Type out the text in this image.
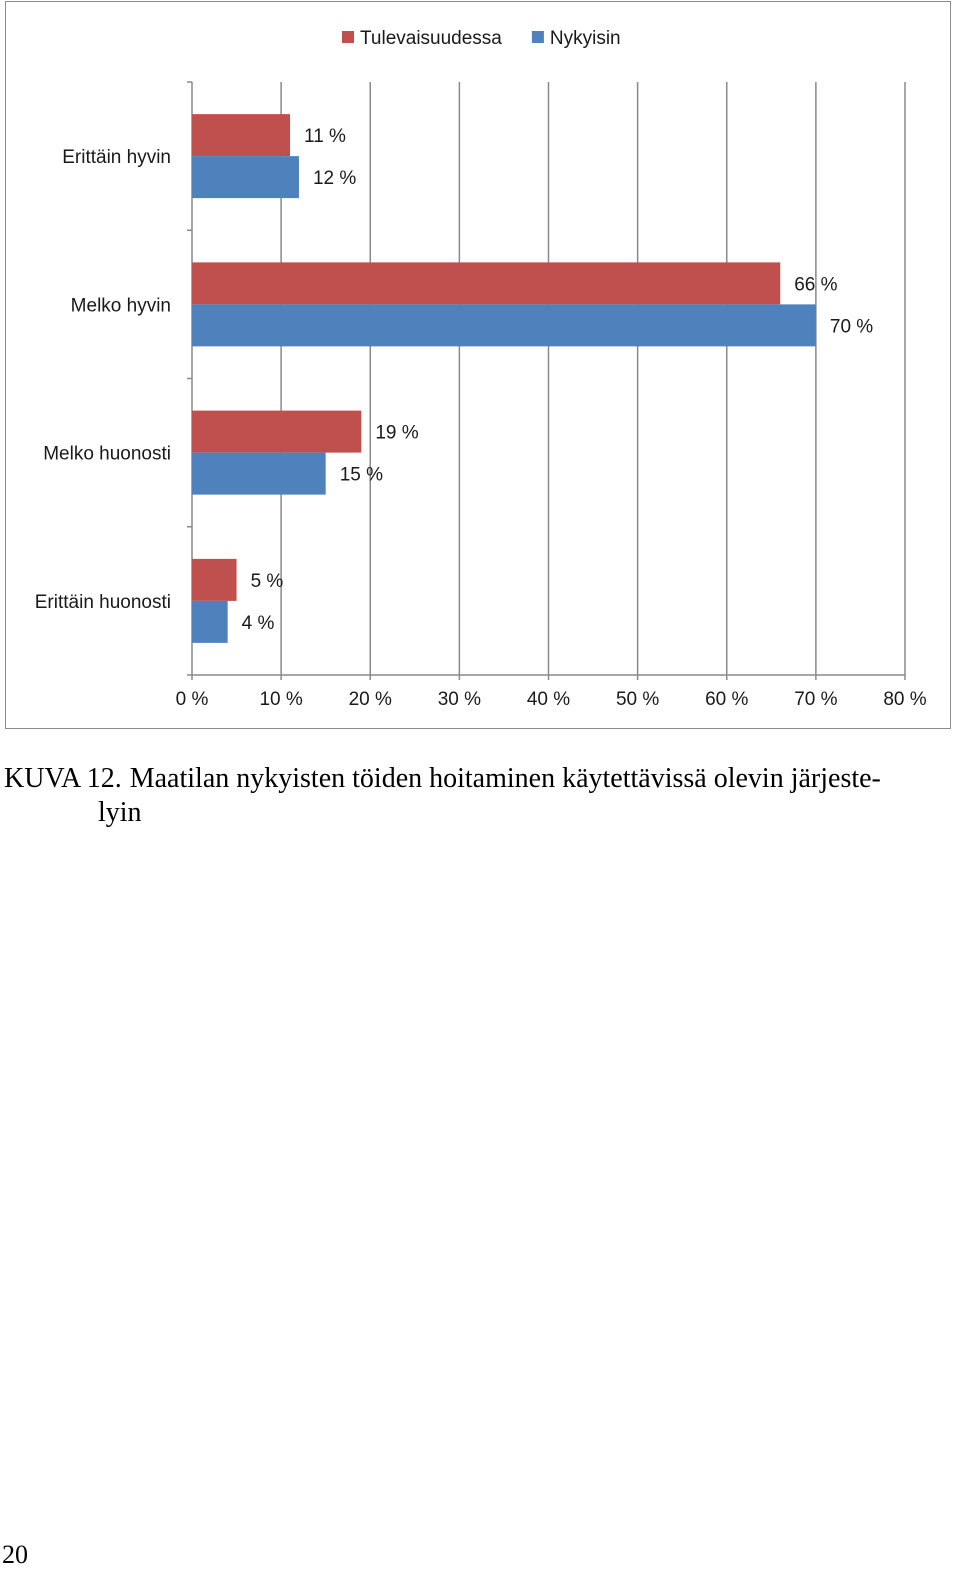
0 %	10 % 20 % 30 % 40 % 50 % 60 % 70 % 80 %
Erittäin hyvin
11 %
12 %
Melko hyvin
66 %
70 %
Melko huonosti
19 %
15 %
Erittäin huonosti
5 %
4 %
Tulevaisuudessa	Nykyisin
KUVA 12. Maatilan nykyisten töiden hoitaminen käytettävissä olevin järjeste-
lyin
20
